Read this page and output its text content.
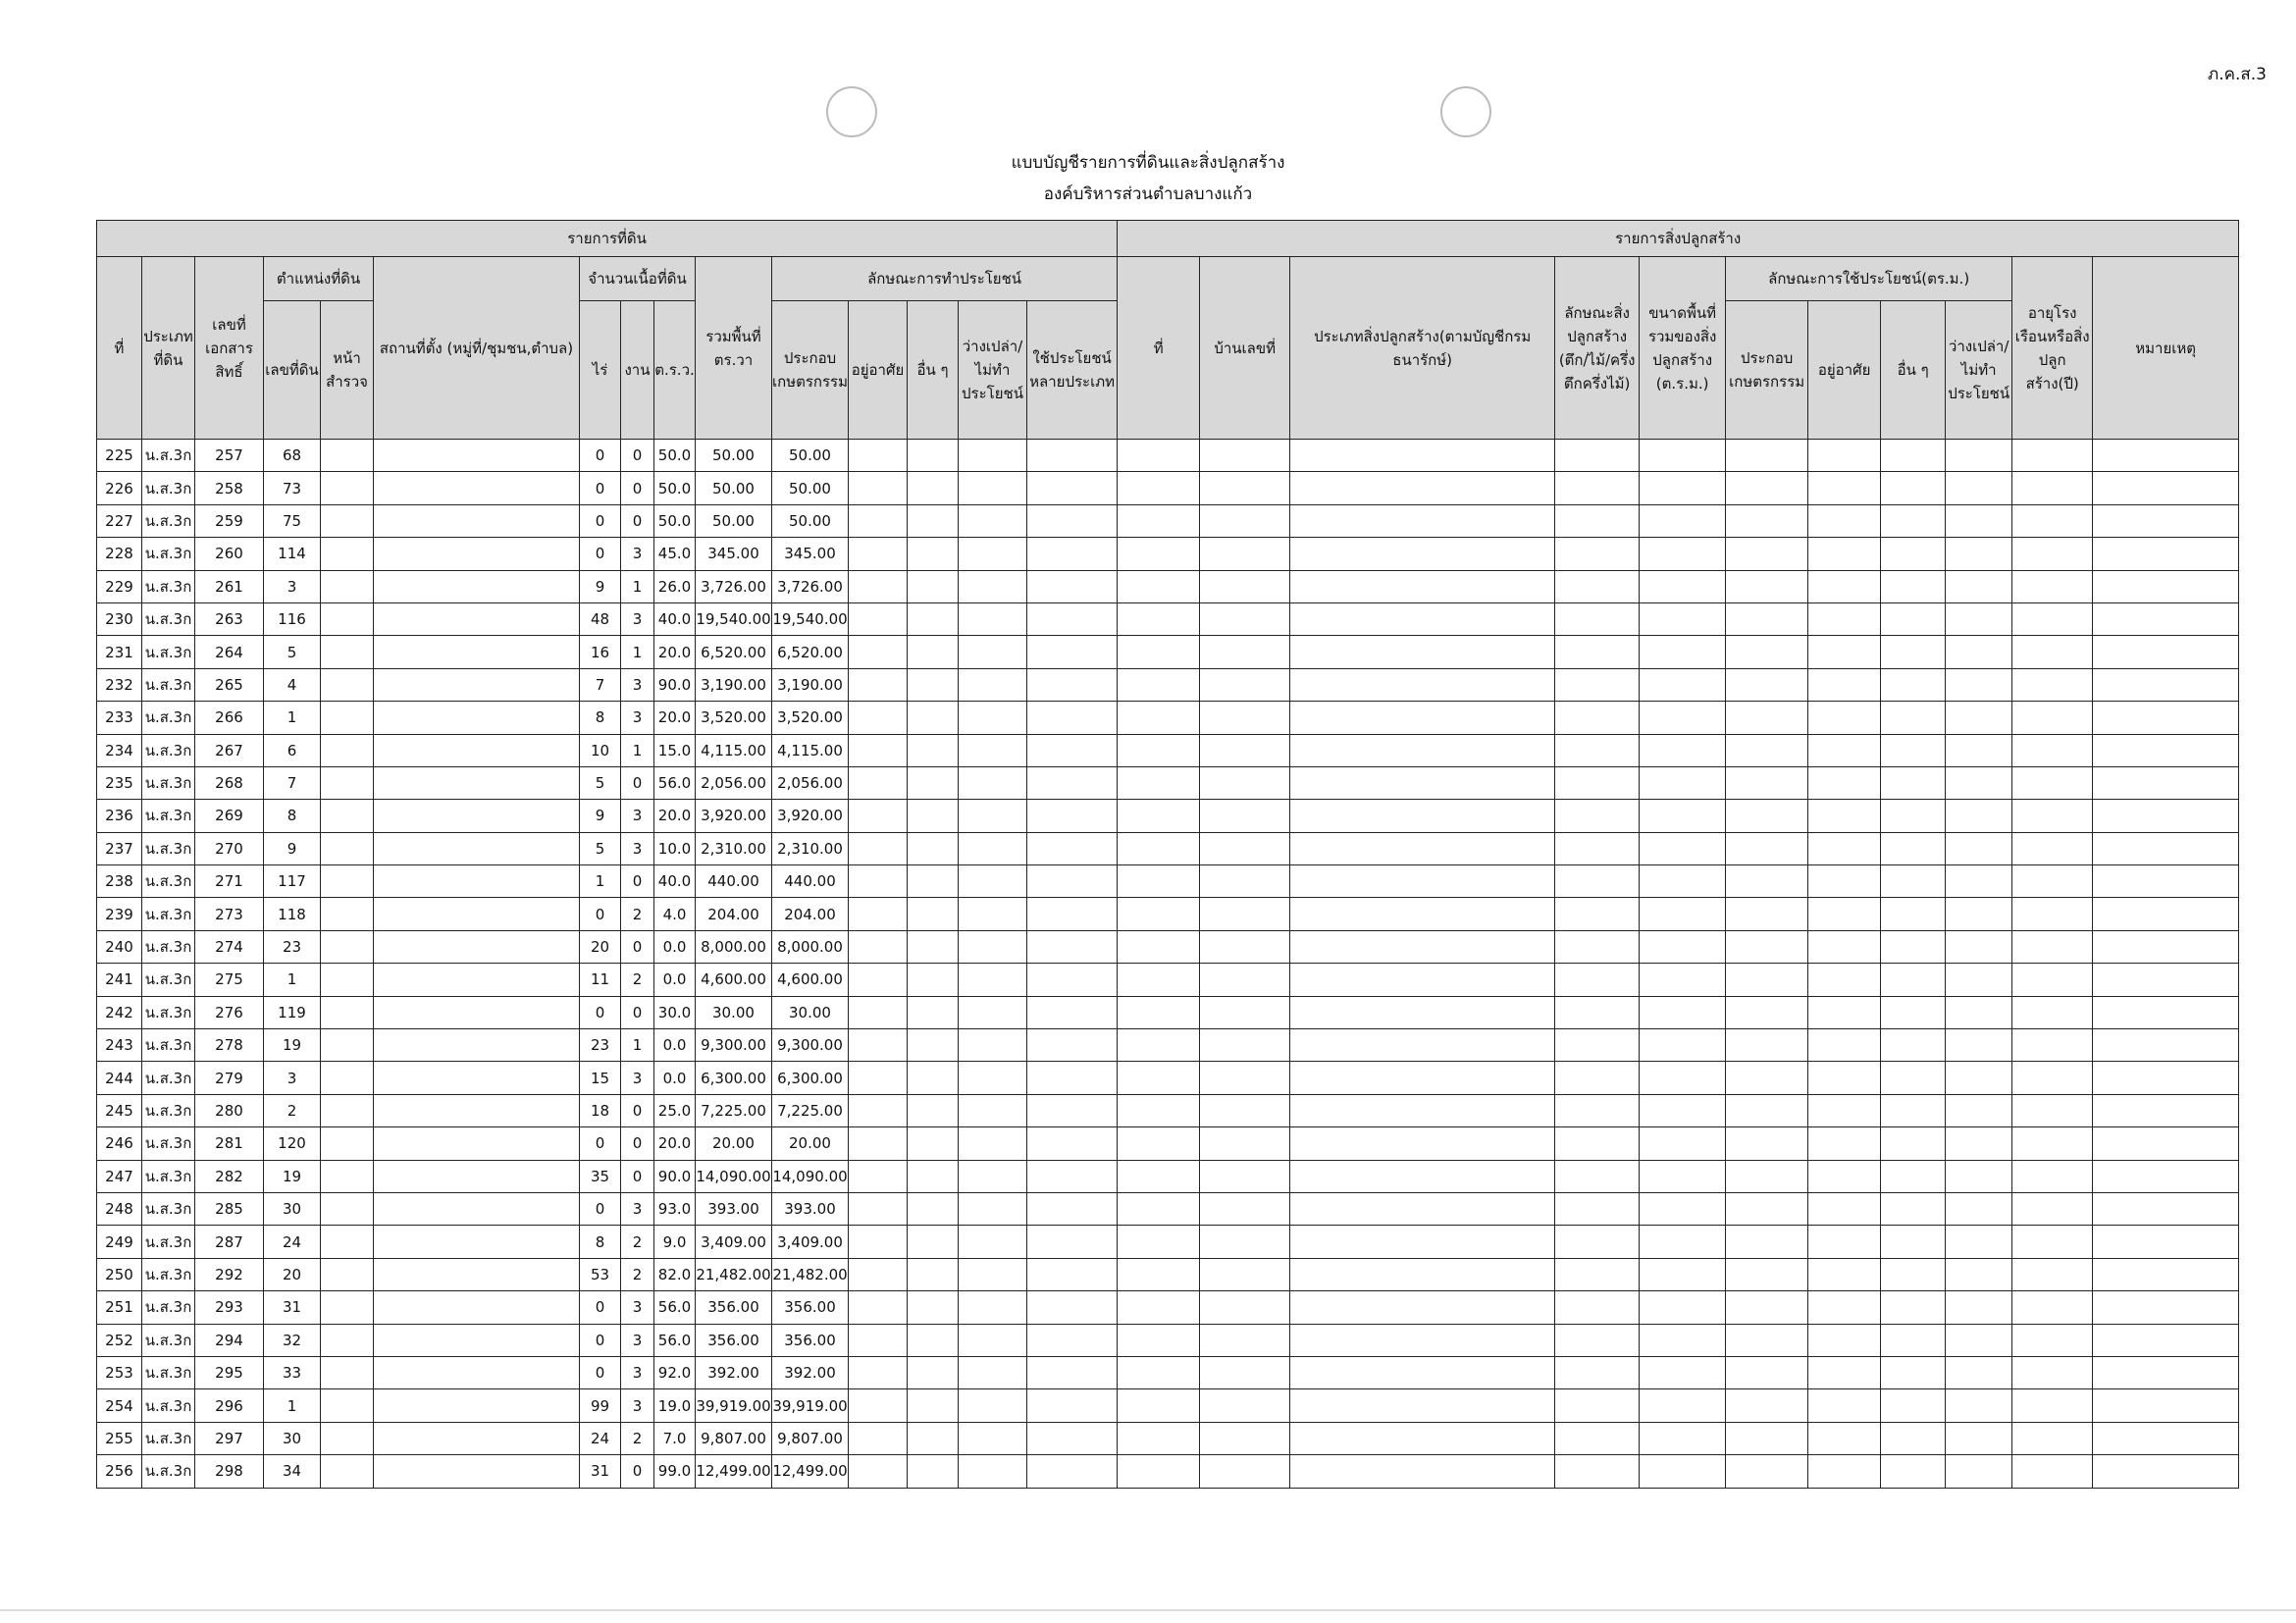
ภ.ค.ส.3
แบบบัญชีรายการที่ดินและสิ่งปลูกสร้าง
องค์บริหารส่วนตำบลบางแก้ว
รายการที่ดิน															รายการสิ่งปลูกสร้าง										
ที่	ประเภทที่ดิน	เลขที่เอกสารสิทธิ์	ตำแหน่งที่ดิน		สถานที่ตั้ง (หมู่ที่/ชุมชน,ตำบล)	จำนวนเนื้อที่ดิน			รวมพื้นที่ ตร.วา	ลักษณะการทำประโยชน์					ที่	บ้านเลขที่	ประเภทสิ่งปลูกสร้าง(ตามบัญชีกรมธนารักษ์)	ลักษณะสิ่งปลูกสร้าง (ตึก/ไม้/ครึ่งตึกครึ่งไม้)	ขนาดพื้นที่รวมของสิ่งปลูกสร้าง (ต.ร.ม.)	ลักษณะการใช้ประโยชน์(ตร.ม.)				อายุโรงเรือนหรือสิ่งปลูกสร้าง(ปี)	หมายเหตุ
			เลขที่ดิน	หน้าสำรวจ		ไร่	งาน	ต.ร.ว.		ประกอบเกษตรกรรม	อยู่อาศัย	อื่น ๆ	ว่างเปล่า/ไม่ทำประโยชน์	ใช้ประโยชน์หลายประเภท						ประกอบเกษตรกรรม	อยู่อาศัย	อื่น ๆ	ว่างเปล่า/ไม่ทำประโยชน์		
225	น.ส.3ก	257	68			0	0	50.0	50.00	50.00															
226	น.ส.3ก	258	73			0	0	50.0	50.00	50.00															
227	น.ส.3ก	259	75			0	0	50.0	50.00	50.00															
228	น.ส.3ก	260	114			0	3	45.0	345.00	345.00															
229	น.ส.3ก	261	3			9	1	26.0	3,726.00	3,726.00															
230	น.ส.3ก	263	116			48	3	40.0	19,540.00	19,540.00															
231	น.ส.3ก	264	5			16	1	20.0	6,520.00	6,520.00															
232	น.ส.3ก	265	4			7	3	90.0	3,190.00	3,190.00															
233	น.ส.3ก	266	1			8	3	20.0	3,520.00	3,520.00															
234	น.ส.3ก	267	6			10	1	15.0	4,115.00	4,115.00															
235	น.ส.3ก	268	7			5	0	56.0	2,056.00	2,056.00															
236	น.ส.3ก	269	8			9	3	20.0	3,920.00	3,920.00															
237	น.ส.3ก	270	9			5	3	10.0	2,310.00	2,310.00															
238	น.ส.3ก	271	117			1	0	40.0	440.00	440.00															
239	น.ส.3ก	273	118			0	2	4.0	204.00	204.00															
240	น.ส.3ก	274	23			20	0	0.0	8,000.00	8,000.00															
241	น.ส.3ก	275	1			11	2	0.0	4,600.00	4,600.00															
242	น.ส.3ก	276	119			0	0	30.0	30.00	30.00															
243	น.ส.3ก	278	19			23	1	0.0	9,300.00	9,300.00															
244	น.ส.3ก	279	3			15	3	0.0	6,300.00	6,300.00															
245	น.ส.3ก	280	2			18	0	25.0	7,225.00	7,225.00															
246	น.ส.3ก	281	120			0	0	20.0	20.00	20.00															
247	น.ส.3ก	282	19			35	0	90.0	14,090.00	14,090.00															
248	น.ส.3ก	285	30			0	3	93.0	393.00	393.00															
249	น.ส.3ก	287	24			8	2	9.0	3,409.00	3,409.00															
250	น.ส.3ก	292	20			53	2	82.0	21,482.00	21,482.00															
251	น.ส.3ก	293	31			0	3	56.0	356.00	356.00															
252	น.ส.3ก	294	32			0	3	56.0	356.00	356.00															
253	น.ส.3ก	295	33			0	3	92.0	392.00	392.00															
254	น.ส.3ก	296	1			99	3	19.0	39,919.00	39,919.00															
255	น.ส.3ก	297	30			24	2	7.0	9,807.00	9,807.00															
256	น.ส.3ก	298	34			31	0	99.0	12,499.00	12,499.00															
